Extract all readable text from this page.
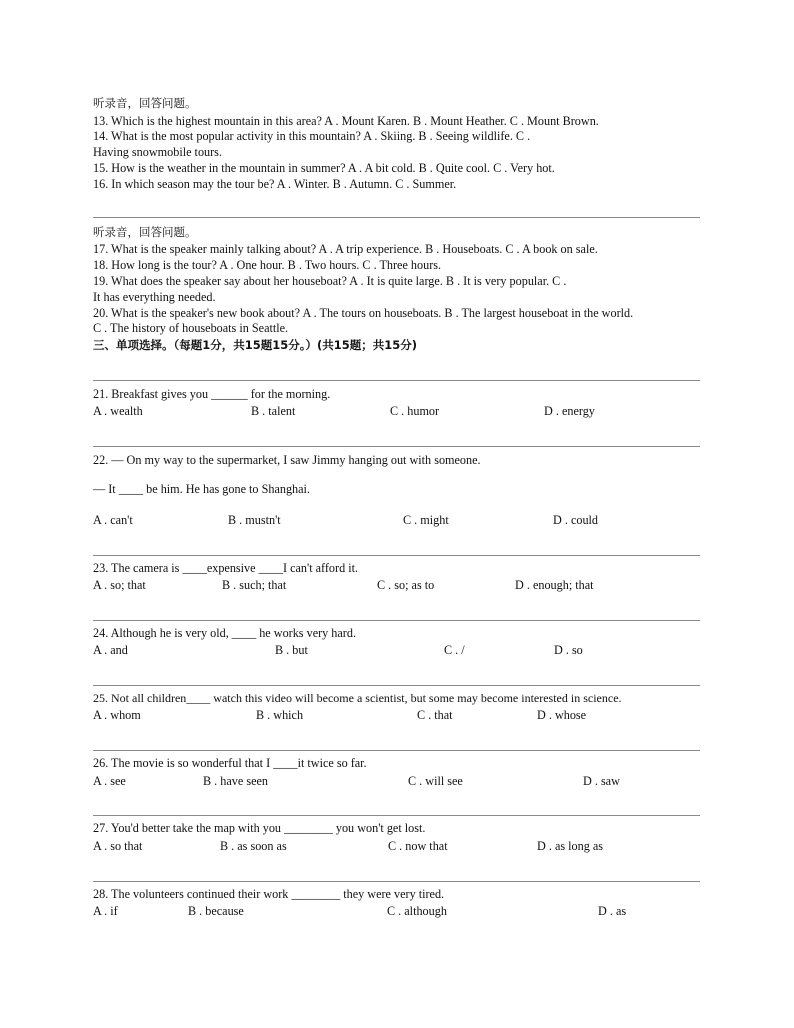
听录音，回答问题。
13. Which is the highest mountain in this area? A . Mount Karen. B . Mount Heather. C . Mount Brown.
14. What is the most popular activity in this mountain? A . Skiing. B . Seeing wildlife. C .
Having snowmobile tours.
15. How is the weather in the mountain in summer? A . A bit cold. B . Quite cool. C . Very hot.
16. In which season may the tour be? A . Winter. B . Autumn. C . Summer.
听录音，回答问题。
17. What is the speaker mainly talking about? A . A trip experience. B . Houseboats. C . A book on sale.
18. How long is the tour? A . One hour. B . Two hours. C . Three hours.
19. What does the speaker say about her houseboat? A . It is quite large. B . It is very popular. C .
It has everything needed.
20. What is the speaker's new book about? A . The tours on houseboats. B . The largest houseboat in the world.
C . The history of houseboats in Seattle.
三、单项选择。（每题1分，共15题15分。）(共15题；共15分)
21. Breakfast gives you ______ for the morning.
A . wealth	B . talent	C . humor	D . energy
22. — On my way to the supermarket, I saw Jimmy hanging out with someone.
— It ____ be him. He has gone to Shanghai.
A . can't	B . mustn't	C . might	D . could
23. The camera is ____expensive ____I can't afford it.
A . so; that	B . such; that	C . so; as to	D . enough; that
24. Although he is very old, ____ he works very hard.
A . and	B . but	C . /	D . so
25. Not all children____ watch this video will become a scientist, but some may become interested in science.
A . whom	B . which	C . that	D . whose
26. The movie is so wonderful that I ____it twice so far.
A . see	B . have seen	C . will see	D . saw
27. You'd better take the map with you ________ you won't get lost.
A . so that	B . as soon as	C . now that	D . as long as
28. The volunteers continued their work ________ they were very tired.
A . if	B . because	C . although	D . as
